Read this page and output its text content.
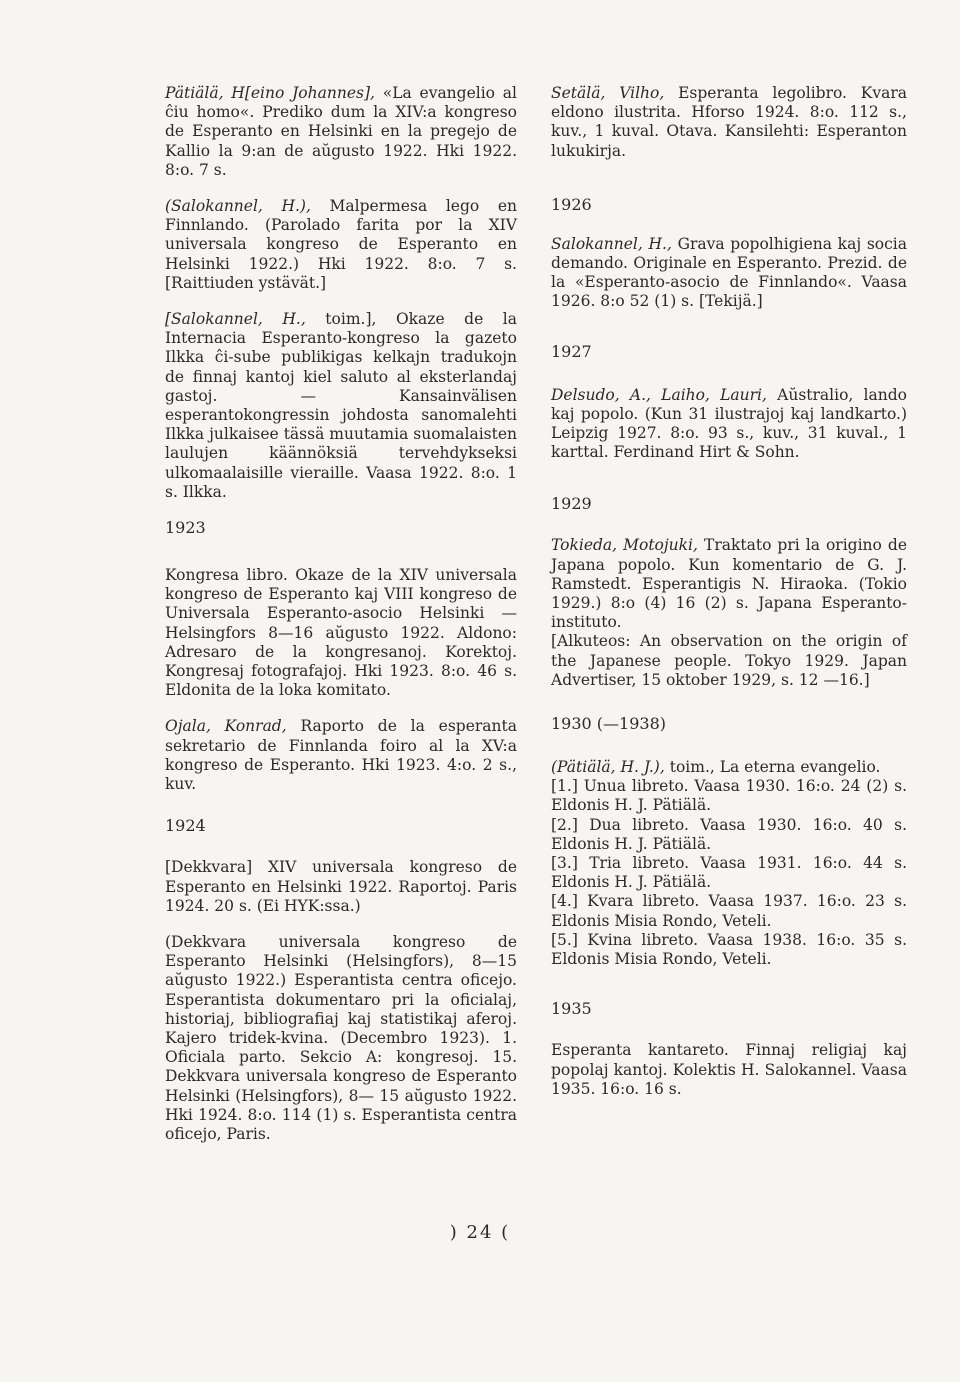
Pätiälä, H[eino Johannes], «La evangelio al ĉiu homo«. Prediko dum la XIV:a kongreso de Esperanto en Helsinki en la pregejo de Kallio la 9:an de aŭgusto 1922. Hki 1922. 8:o. 7 s.

(Salokannel, H.), Malpermesa lego en Finnlando. (Parolado farita por la XIV universala kongreso de Esperanto en Helsinki 1922.) Hki 1922. 8:o. 7 s. [Raittiuden ystävät.]

[Salokannel, H., toim.], Okaze de la Internacia Esperanto-kongreso la gazeto Ilkka ĉi-sube publikigas kelkajn tradukojn de finnaj kantoj kiel saluto al eksterlandaj gastoj. — Kansainvälisen esperantokongressin johdosta sanomalehti Ilkka julkaisee tässä muutamia suomalaisten laulujen käännöksiä tervehdykseksi ulkomaalaisille vieraille. Vaasa 1922. 8:o. 1 s. Ilkka.

1923

Kongresa libro. Okaze de la XIV universala kongreso de Esperanto kaj VIII kongreso de Universala Esperanto-asocio Helsinki — Helsingfors 8—16 aŭgusto 1922. Aldono: Adresaro de la kongresanoj. Korektoj. Kongresaj fotografajoj. Hki 1923. 8:o. 46 s. Eldonita de la loka komitato.

Ojala, Konrad, Raporto de la esperanta sekretario de Finnlanda foiro al la XV:a kongreso de Esperanto. Hki 1923. 4:o. 2 s., kuv.

1924

[Dekkvara] XIV universala kongreso de Esperanto en Helsinki 1922. Raportoj. Paris 1924. 20 s. (Ei HYK:ssa.)

(Dekkvara universala kongreso de Esperanto Helsinki (Helsingfors), 8—15 aŭgusto 1922.) Esperantista centra oficejo. Esperantista dokumentaro pri la oficialaj, historiaj, bibliografiaj kaj statistikaj aferoj. Kajero tridek-kvina. (Decembro 1923). 1. Oficiala parto. Sekcio A: kongresoj. 15. Dekkvara universala kongreso de Esperanto Helsinki (Helsingfors), 8— 15 aŭgusto 1922. Hki 1924. 8:o. 114 (1) s. Esperantista centra oficejo, Paris.

Setälä, Vilho, Esperanta legolibro. Kvara eldono ilustrita. Hforso 1924. 8:o. 112 s., kuv., 1 kuval. Otava. Kansilehti: Esperanton lukukirja.

1926

Salokannel, H., Grava popolhigiena kaj socia demando. Originale en Esperanto. Prezid. de la «Esperanto-asocio de Finnlando«. Vaasa 1926. 8:o 52 (1) s. [Tekijä.]

1927

Delsudo, A., Laiho, Lauri, Aŭstralio, lando kaj popolo. (Kun 31 ilustrajoj kaj landkarto.) Leipzig 1927. 8:o. 93 s., kuv., 31 kuval., 1 karttal. Ferdinand Hirt & Sohn.

1929

Tokieda, Motojuki, Traktato pri la origino de Japana popolo. Kun komentario de G. J. Ramstedt. Esperantigis N. Hiraoka. (Tokio 1929.) 8:o (4) 16 (2) s. Japana Esperanto-instituto.

[Alkuteos: An observation on the origin of the Japanese people. Tokyo 1929. Japan Advertiser, 15 oktober 1929, s. 12 —16.]

1930 (—1938)

(Pätiälä, H. J.), toim., La eterna evangelio.

[1.] Unua libreto. Vaasa 1930. 16:o. 24 (2) s. Eldonis H. J. Pätiälä.

[2.] Dua libreto. Vaasa 1930. 16:o. 40 s. Eldonis H. J. Pätiälä.

[3.] Tria libreto. Vaasa 1931. 16:o. 44 s. Eldonis H. J. Pätiälä.

[4.] Kvara libreto. Vaasa 1937. 16:o. 23 s. Eldonis Misia Rondo, Veteli.

[5.] Kvina libreto. Vaasa 1938. 16:o. 35 s. Eldonis Misia Rondo, Veteli.

1935

Esperanta kantareto. Finnaj religiaj kaj popolaj kantoj. Kolektis H. Salokannel. Vaasa 1935. 16:o. 16 s.

) 24 (
